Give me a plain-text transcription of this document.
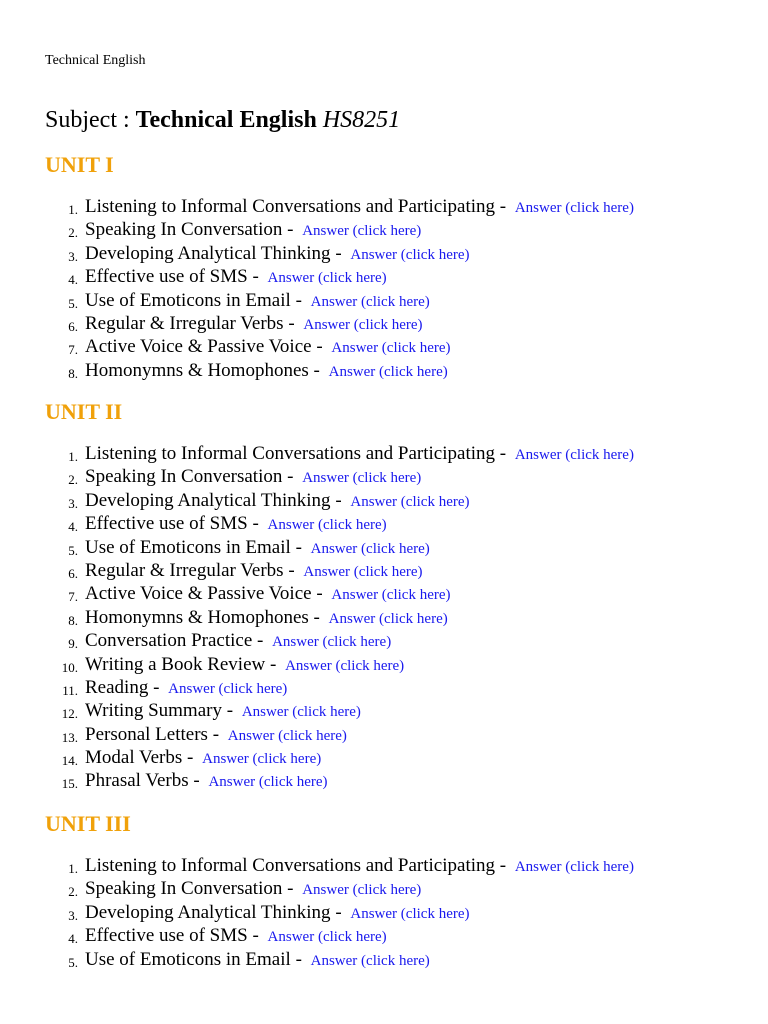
Technical English
Subject : Technical English HS8251
UNIT I
1. Listening to Informal Conversations and Participating - Answer (click here)
2. Speaking In Conversation - Answer (click here)
3. Developing Analytical Thinking - Answer (click here)
4. Effective use of SMS - Answer (click here)
5. Use of Emoticons in Email - Answer (click here)
6. Regular & Irregular Verbs - Answer (click here)
7. Active Voice & Passive Voice - Answer (click here)
8. Homonymns & Homophones - Answer (click here)
UNIT II
1. Listening to Informal Conversations and Participating - Answer (click here)
2. Speaking In Conversation - Answer (click here)
3. Developing Analytical Thinking - Answer (click here)
4. Effective use of SMS - Answer (click here)
5. Use of Emoticons in Email - Answer (click here)
6. Regular & Irregular Verbs - Answer (click here)
7. Active Voice & Passive Voice - Answer (click here)
8. Homonymns & Homophones - Answer (click here)
9. Conversation Practice - Answer (click here)
10. Writing a Book Review - Answer (click here)
11. Reading - Answer (click here)
12. Writing Summary - Answer (click here)
13. Personal Letters - Answer (click here)
14. Modal Verbs - Answer (click here)
15. Phrasal Verbs - Answer (click here)
UNIT III
1. Listening to Informal Conversations and Participating - Answer (click here)
2. Speaking In Conversation - Answer (click here)
3. Developing Analytical Thinking - Answer (click here)
4. Effective use of SMS - Answer (click here)
5. Use of Emoticons in Email - Answer (click here)
